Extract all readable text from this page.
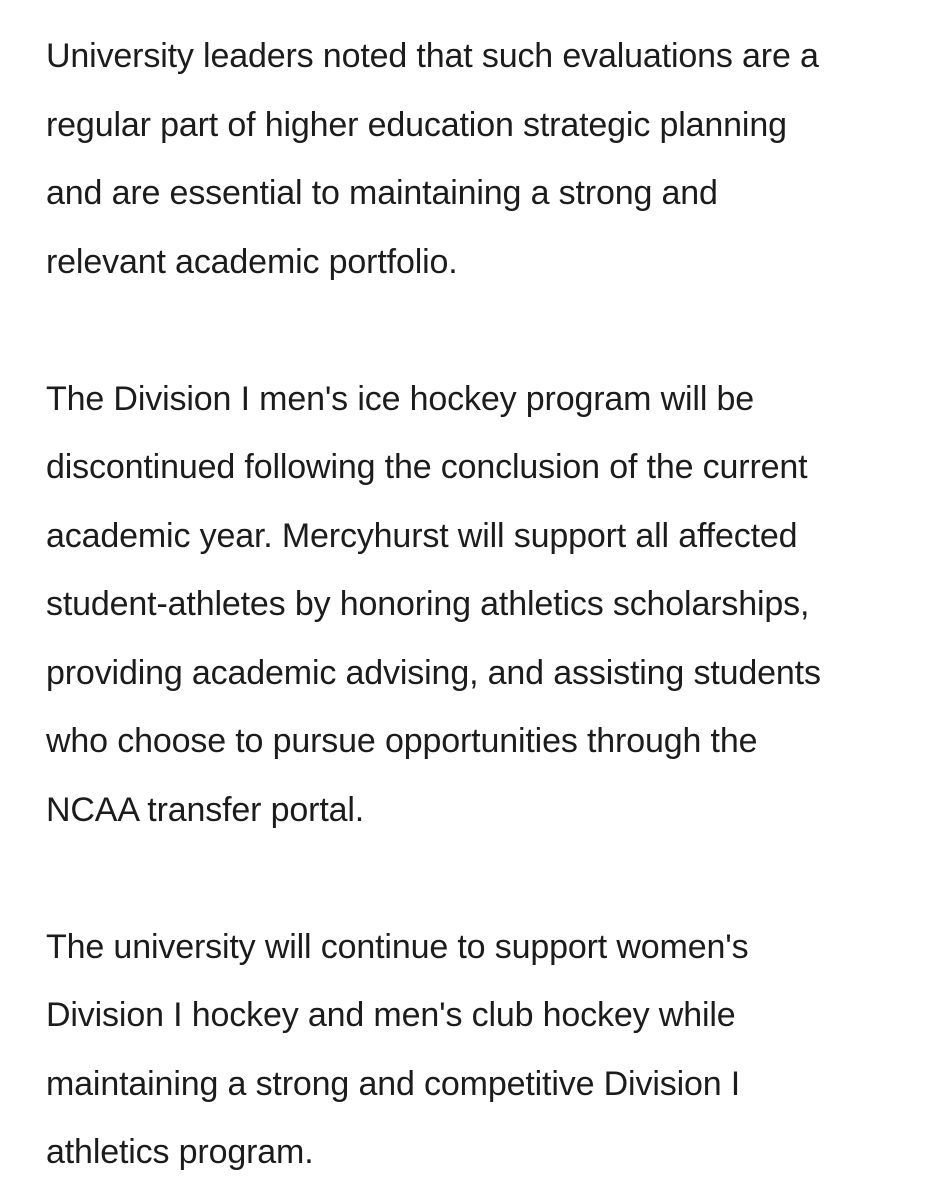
University leaders noted that such evaluations are a
regular part of higher education strategic planning
and are essential to maintaining a strong and
relevant academic portfolio.

The Division I men's ice hockey program will be
discontinued following the conclusion of the current
academic year. Mercyhurst will support all affected
student-athletes by honoring athletics scholarships,
providing academic advising, and assisting students
who choose to pursue opportunities through the
NCAA transfer portal.

The university will continue to support women's
Division I hockey and men's club hockey while
maintaining a strong and competitive Division I
athletics program.
